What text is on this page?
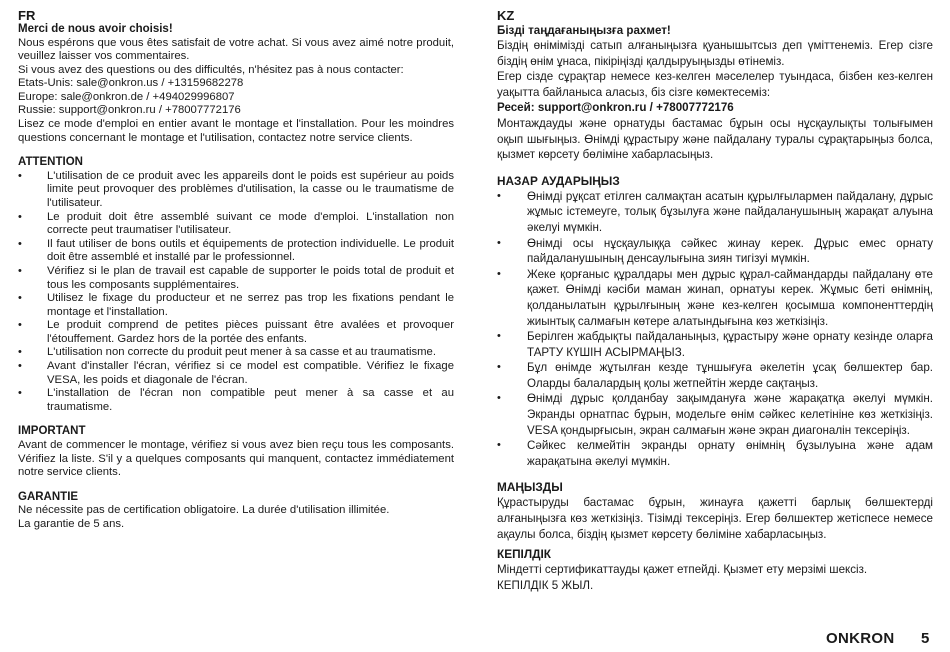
FR

Merci de nous avoir choisis!

Nous espérons que vous êtes satisfait de votre achat. Si vous avez aimé notre produit, veuillez laisser vos commentaires.

Si vous avez des questions ou des difficultés, n'hésitez pas à nous contacter:
Etats-Unis: sale@onkron.us / +13159682278
Europe: sale@onkron.de / +494029996807
Russie: support@onkron.ru / +78007772176

Lisez ce mode d'emploi en entier avant le montage et l'installation. Pour les moindres questions concernant le montage et l'utilisation, contactez notre service clients.

ATTENTION

• L'utilisation de ce produit avec les appareils dont le poids est supérieur au poids limite peut provoquer des problèmes d'utilisation, la casse ou le traumatisme de l'utilisateur.
• Le produit doit être assemblé suivant ce mode d'emploi. L'installation non correcte peut traumatiser l'utilisateur.
• Il faut utiliser de bons outils et équipements de protection individuelle. Le produit doit être assemblé et installé par le professionnel.
• Vérifiez si le plan de travail est capable de supporter le poids total de produit et tous les composants supplémentaires.
• Utilisez le fixage du producteur et ne serrez pas trop les fixations pendant le montage et l'installation.
• Le produit comprend de petites pièces puissant être avalées et provoquer l'étouffement. Gardez hors de la portée des enfants.
• L'utilisation non correcte du produit peut mener à sa casse et au traumatisme.
• Avant d'installer l'écran, vérifiez si ce model est compatible. Vérifiez le fixage VESA, les poids et diagonale de l'écran.
• L'installation de l'écran non compatible peut mener à sa casse et au traumatisme.

IMPORTANT

Avant de commencer le montage, vérifiez si vous avez bien reçu tous les composants. Vérifiez la liste. S'il y a quelques composants qui manquent, contactez immédiatement notre service clients.

GARANTIE

Ne nécessite pas de certification obligatoire. La durée d'utilisation illimitée.
La garantie de 5 ans.

KZ

Бізді таңдағаныңызға рахмет!

Біздің өнімімізді сатып алғаныңызға қуанышытсыз деп үміттенеміз. Егер сізге біздің өнім ұнаса, пікіріңізді қалдыруыңызды өтінеміз.

Егер сізде сұрақтар немесе кез-келген мәселелер туындаса, бізбен кез-келген уақытта байланыса аласыз, біз сізге көмектесеміз:

Ресей: support@onkron.ru / +78007772176

Монтаждауды және орнатуды бастамас бұрын осы нұсқаулықты толығымен оқып шығыңыз. Өнімді құрастыру және пайдалану туралы сұрақтарыңыз болса, қызмет көрсету бөліміне хабарласыңыз.

НАЗАР АУДАРЫҢЫЗ

• Өнімді рұқсат етілген салмақтан асатын құрылғылармен пайдалану, дұрыс жұмыс істемеуге, толық бұзылуға және пайдаланушының жарақат алуына әкелуі мүмкін.
• Өнімді осы нұсқаулыққа сәйкес жинау керек. Дұрыс емес орнату пайдаланушының денсаулығына зиян тигізуі мүмкін.
• Жеке қорғаныс құралдары мен дұрыс құрал-саймандарды пайдалану өте қажет. Өнімді кәсіби маман жинап, орнатуы керек. Жұмыс беті өнімнің, қолданылатын құрылғының және кез-келген қосымша компоненттердің жиынтық салмағын көтере алатындығына көз жеткізіңіз.
• Берілген жабдықты пайдаланыңыз, құрастыру және орнату кезінде оларға ТАРТУ КҮШІН АСЫРМАҢЫЗ.
• Бұл өнімде жұтылған кезде тұншығуға әкелетін ұсақ бөлшектер бар. Оларды балалардың қолы жетпейтін жерде сақтаңыз.
• Өнімді дұрыс қолданбау зақымдануға және жарақатқа әкелуі мүмкін. Экранды орнатпас бұрын, модельге өнім сәйкес келетініне көз жеткізіңіз. VESA қондырғысын, экран салмағын және экран диагоналін тексеріңіз.
• Сәйкес келмейтін экранды орнату өнімнің бұзылуына және адам жарақатына әкелуі мүмкін.

МАҢЫЗДЫ

Құрастыруды бастамас бұрын, жинауға қажетті барлық бөлшектерді алғаныңызға көз жеткізіңіз. Тізімді тексеріңіз. Егер бөлшектер жетіспесе немесе ақаулы болса, біздің қызмет көрсету бөліміне хабарласыңыз.

КЕПІЛДІК

Міндетті сертификаттауды қажет етпейді. Қызмет ету мерзімі шексіз.
КЕПІЛДІК 5 ЖЫЛ.

ONKRON 5
